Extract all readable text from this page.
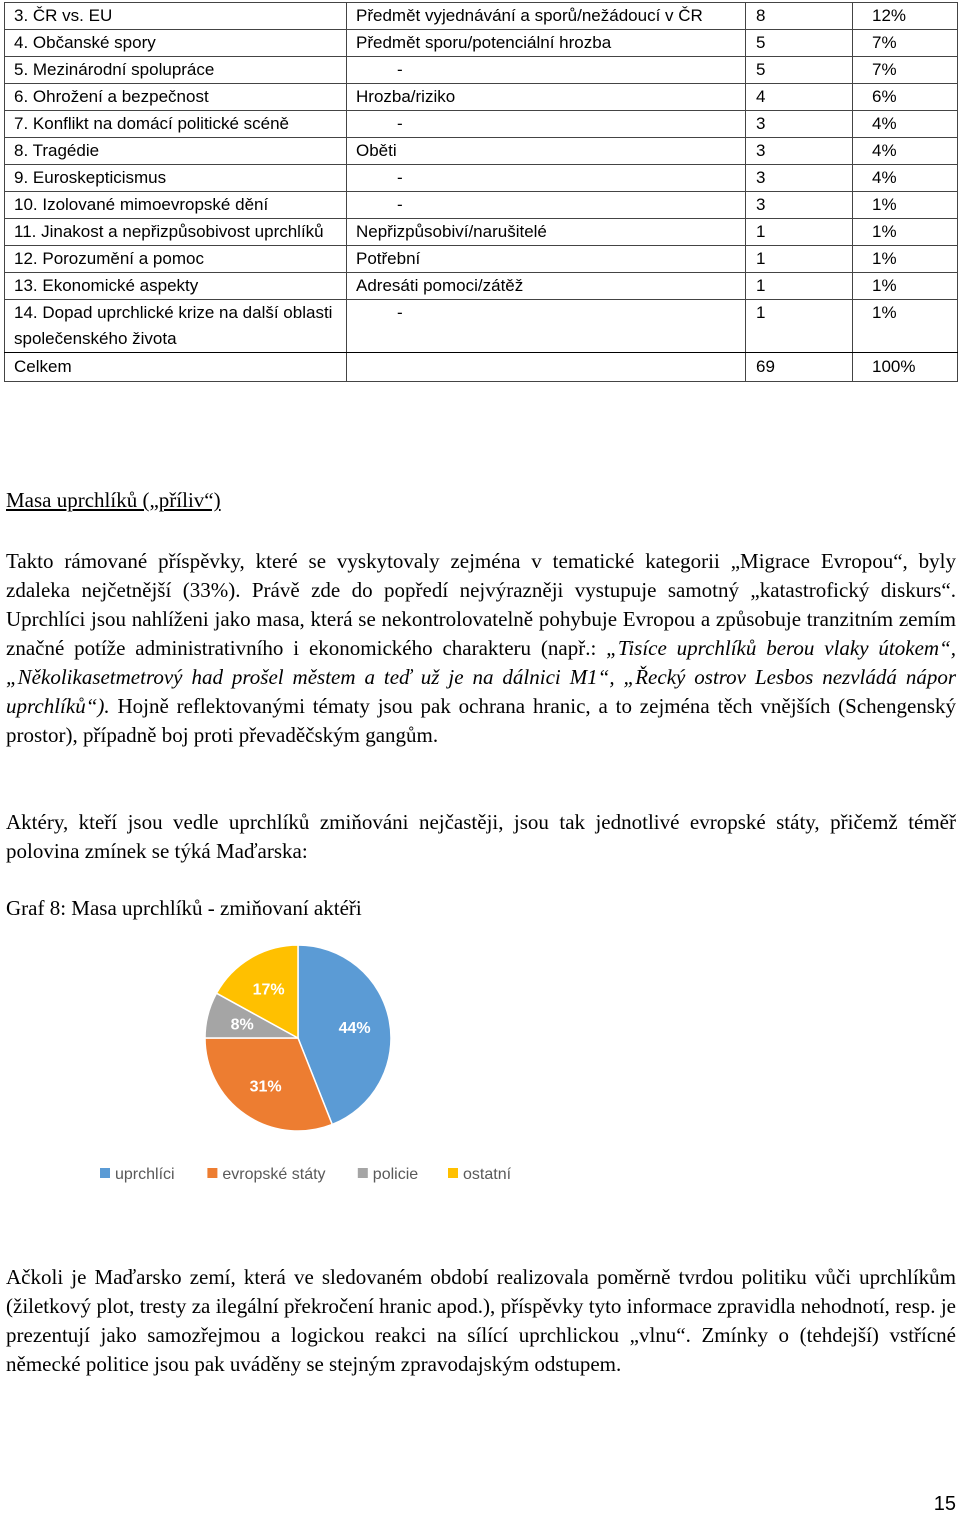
3. ČR vs. EU	Předmět vyjednávání a sporů/nežádoucí v ČR	8	12%
4. Občanské spory	Předmět sporu/potenciální hrozba	5	7%
5. Mezinárodní spolupráce	-	5	7%
6. Ohrožení a bezpečnost	Hrozba/riziko	4	6%
7. Konflikt na domácí politické scéně	-	3	4%
8. Tragédie	Oběti	3	4%
9. Euroskepticismus	-	3	4%
10. Izolované mimoevropské dění	-	3	1%
11. Jinakost a nepřizpůsobivost uprchlíků	Nepřizpůsobiví/narušitelé	1	1%
12. Porozumění a pomoc	Potřební	1	1%
13. Ekonomické aspekty	Adresáti pomoci/zátěž	1	1%
14. Dopad uprchlické krize na další oblasti společenského života	-	1	1%
Celkem		69	100%
Masa uprchlíků („příliv“)
Takto rámované příspěvky, které se vyskytovaly zejména v tematické kategorii „Migrace Evropou“, byly zdaleka nejčetnější (33%). Právě zde do popředí nejvýrazněji vystupuje samotný „katastrofický diskurs“. Uprchlíci jsou nahlíženi jako masa, která se nekontrolovatelně pohybuje Evropou a způsobuje tranzitním zemím značné potíže administrativního i ekonomického charakteru (např.: „Tisíce uprchlíků berou vlaky útokem“, „Několikasetmetrový had prošel městem a teď už je na dálnici M1“, „Řecký ostrov Lesbos nezvládá nápor uprchlíků“). Hojně reflektovanými tématy jsou pak ochrana hranic, a to zejména těch vnějších (Schengenský prostor), případně boj proti převaděčským gangům.
Aktéry, kteří jsou vedle uprchlíků zmiňováni nejčastěji, jsou tak jednotlivé evropské státy, přičemž téměř polovina zmínek se týká Maďarska:
Graf 8: Masa uprchlíků - zmiňovaní aktéři
44%
31%
8%
17%
uprchlíci	evropské státy	policie	ostatní
Ačkoli je Maďarsko zemí, která ve sledovaném období realizovala poměrně tvrdou politiku vůči uprchlíkům (žiletkový plot, tresty za ilegální překročení hranic apod.), příspěvky tyto informace zpravidla nehodnotí, resp. je prezentují jako samozřejmou a logickou reakci na sílící uprchlickou „vlnu“. Zmínky o (tehdejší) vstřícné německé politice jsou pak uváděny se stejným zpravodajským odstupem.
15
